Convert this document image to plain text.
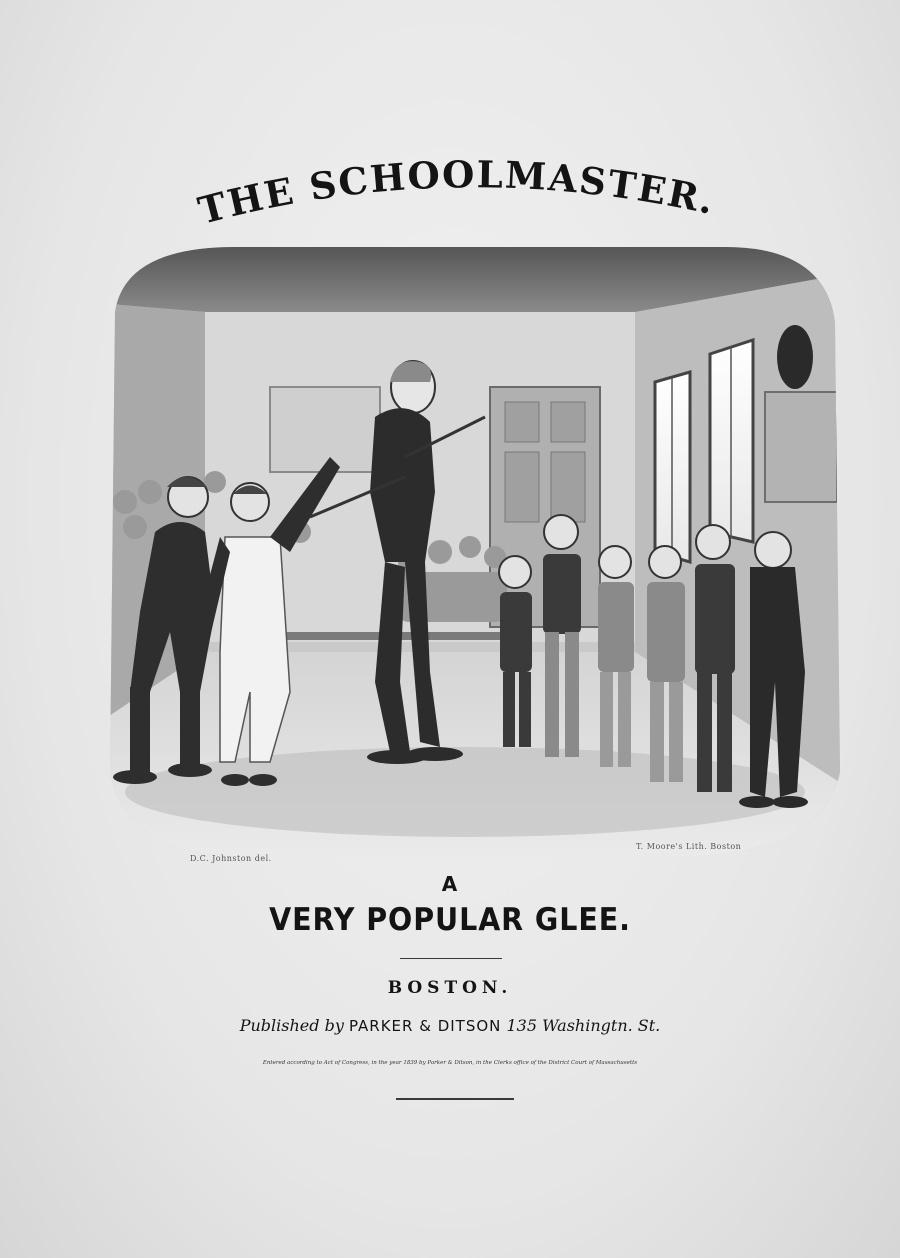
THE SCHOOLMASTER.
D.C. Johnston del.
T. Moore's Lith. Boston
A
VERY POPULAR GLEE.
BOSTON.
Published by PARKER & DITSON 135 Washingtn. St.
Entered according to Act of Congress, in the year 1839 by Parker & Ditson, in the Clerks office of the District Court of Massachusetts
